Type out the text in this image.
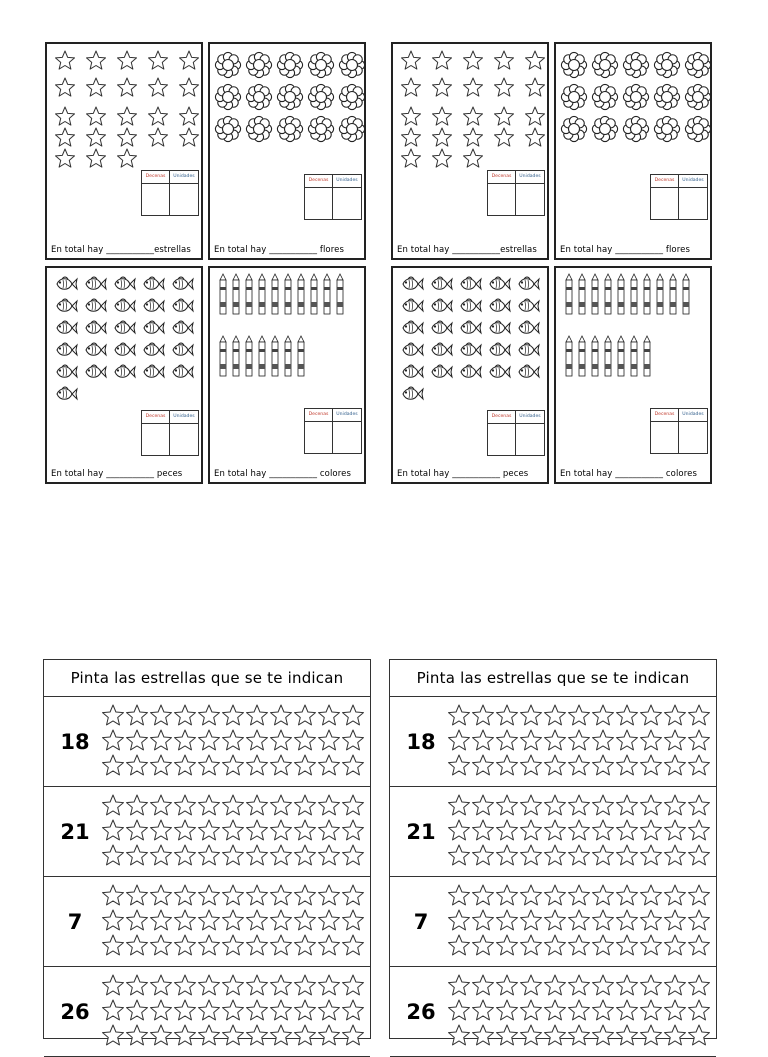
Decenas	Unidades
En total hay ___________estrellas
Decenas	Unidades
En total hay ___________ flores
Decenas	Unidades
En total hay ___________ peces
Decenas	Unidades
En total hay ___________ colores
Decenas	Unidades
En total hay ___________estrellas
Decenas	Unidades
En total hay ___________ flores
Decenas	Unidades
En total hay ___________ peces
Decenas	Unidades
En total hay ___________ colores
Pinta las estrellas que se te indican
18
21
7
26
Pinta las estrellas que se te indican
18
21
7
26
